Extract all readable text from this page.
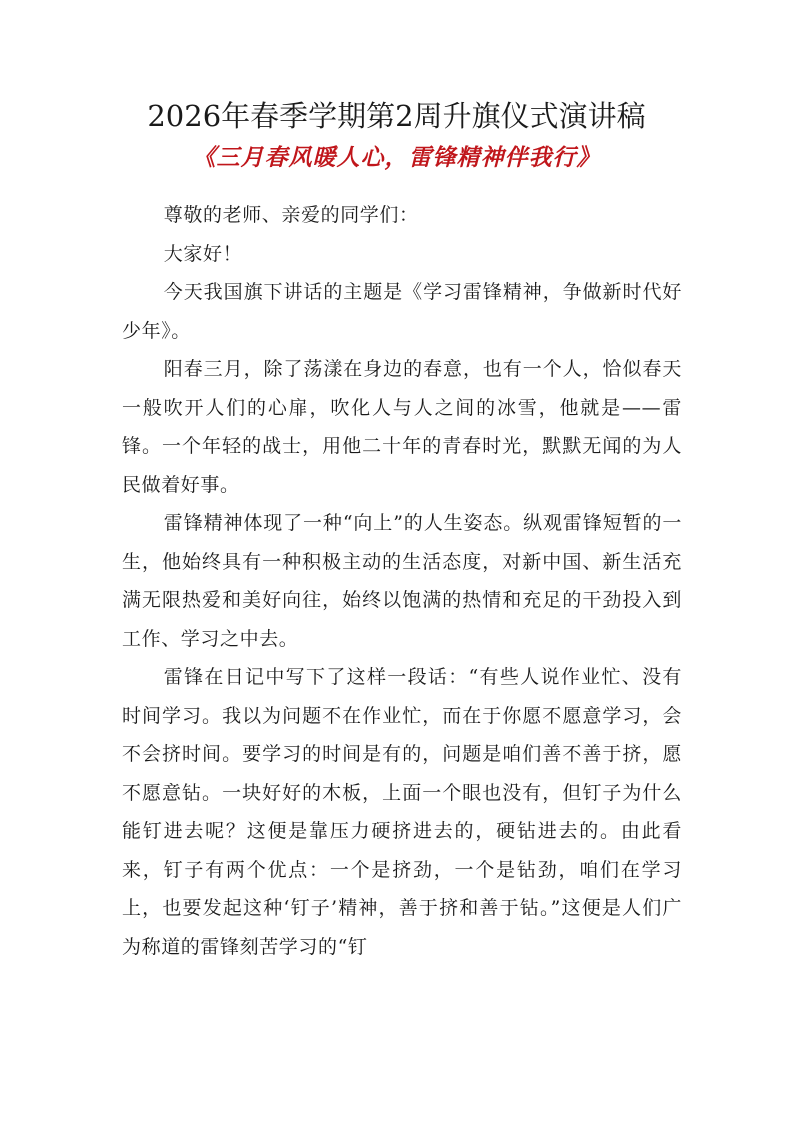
2026年春季学期第2周升旗仪式演讲稿
《三月春风暖人心，雷锋精神伴我行》

尊敬的老师、亲爱的同学们：

大家好！

今天我国旗下讲话的主题是《学习雷锋精神，争做新时代好少年》。

阳春三月，除了荡漾在身边的春意，也有一个人，恰似春天一般吹开人们的心扉，吹化人与人之间的冰雪，他就是——雷锋。一个年轻的战士，用他二十年的青春时光，默默无闻的为人民做着好事。

雷锋精神体现了一种“向上”的人生姿态。纵观雷锋短暂的一生，他始终具有一种积极主动的生活态度，对新中国、新生活充满无限热爱和美好向往，始终以饱满的热情和充足的干劲投入到工作、学习之中去。

雷锋在日记中写下了这样一段话：“有些人说作业忙、没有时间学习。我以为问题不在作业忙，而在于你愿不愿意学习，会不会挤时间。要学习的时间是有的，问题是咱们善不善于挤，愿不愿意钻。一块好好的木板，上面一个眼也没有，但钉子为什么能钉进去呢？这便是靠压力硬挤进去的，硬钻进去的。由此看来，钉子有两个优点：一个是挤劲，一个是钻劲，咱们在学习上，也要发起这种‘钉子’精神，善于挤和善于钻。”这便是人们广为称道的雷锋刻苦学习的“钉
